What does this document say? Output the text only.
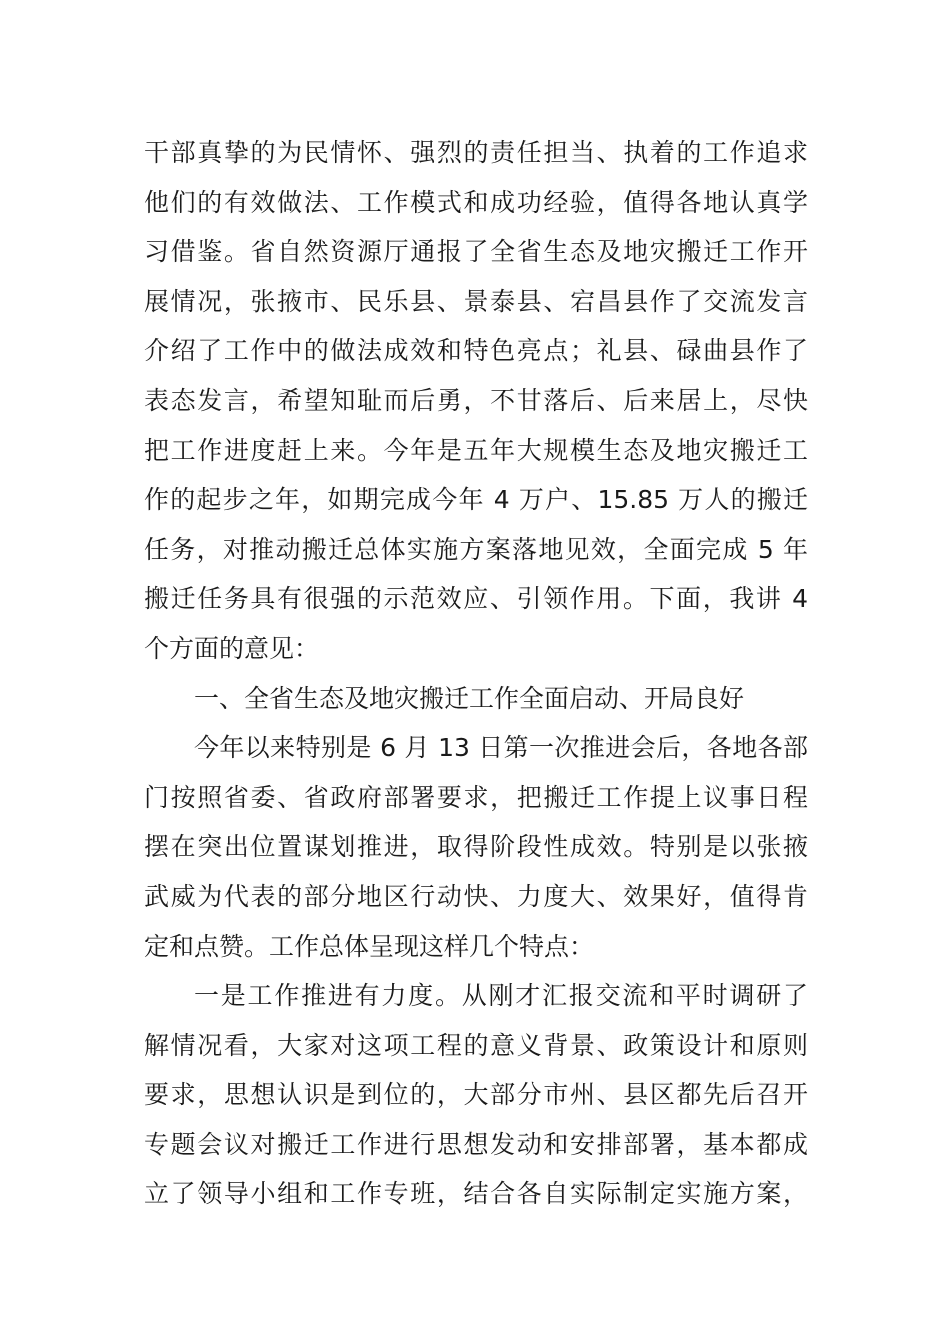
干部真挚的为民情怀、强烈的责任担当、执着的工作追求
他们的有效做法、工作模式和成功经验，值得各地认真学
习借鉴。省自然资源厅通报了全省生态及地灾搬迁工作开
展情况，张掖市、民乐县、景泰县、宕昌县作了交流发言
介绍了工作中的做法成效和特色亮点；礼县、碌曲县作了
表态发言，希望知耻而后勇，不甘落后、后来居上，尽快
把工作进度赶上来。今年是五年大规模生态及地灾搬迁工
作的起步之年，如期完成今年 4 万户、15.85 万人的搬迁
任务，对推动搬迁总体实施方案落地见效，全面完成 5 年
搬迁任务具有很强的示范效应、引领作用。下面，我讲 4
个方面的意见：
一、全省生态及地灾搬迁工作全面启动、开局良好
今年以来特别是 6 月 13 日第一次推进会后，各地各部
门按照省委、省政府部署要求，把搬迁工作提上议事日程
摆在突出位置谋划推进，取得阶段性成效。特别是以张掖
武威为代表的部分地区行动快、力度大、效果好，值得肯
定和点赞。工作总体呈现这样几个特点：
一是工作推进有力度。从刚才汇报交流和平时调研了
解情况看，大家对这项工程的意义背景、政策设计和原则
要求，思想认识是到位的，大部分市州、县区都先后召开
专题会议对搬迁工作进行思想发动和安排部署，基本都成
立了领导小组和工作专班，结合各自实际制定实施方案，
